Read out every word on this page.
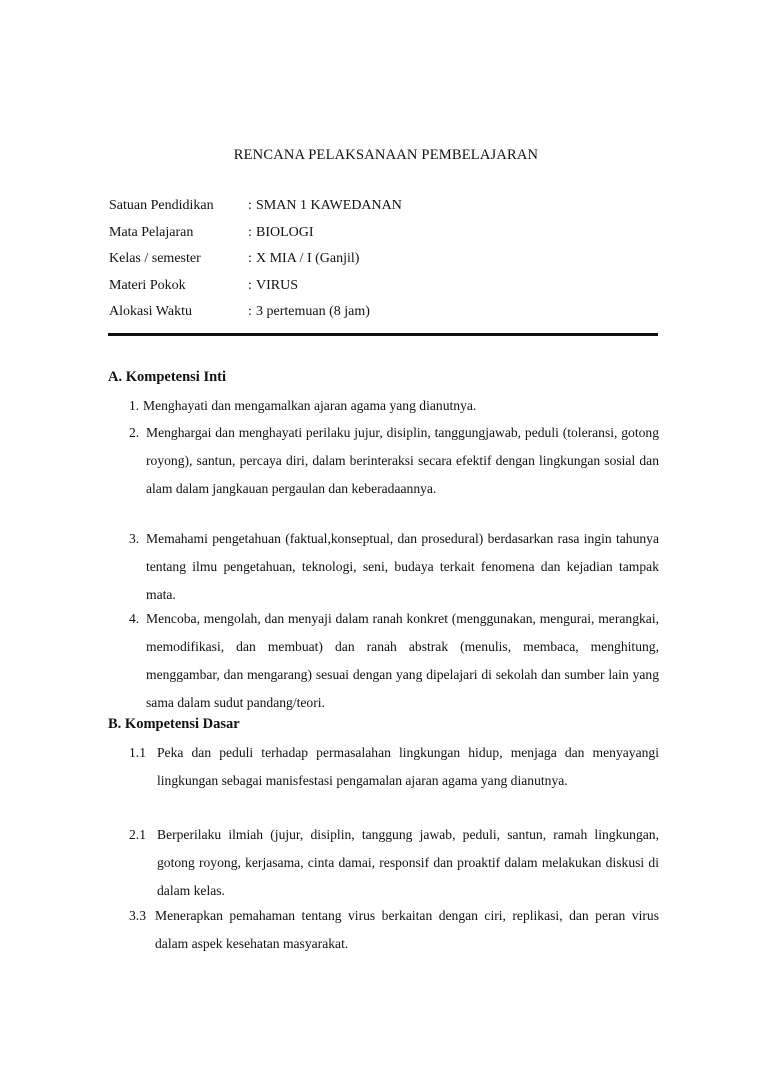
RENCANA PELAKSANAAN PEMBELAJARAN
Satuan Pendidikan	: SMAN 1 KAWEDANAN
Mata Pelajaran	: BIOLOGI
Kelas / semester	: X MIA / I (Ganjil)
Materi Pokok	: VIRUS
Alokasi Waktu	: 3 pertemuan (8 jam)
A. Kompetensi Inti
1. Menghayati dan mengamalkan ajaran agama yang dianutnya.
2. Menghargai dan menghayati perilaku jujur, disiplin, tanggungjawab, peduli (toleransi, gotong royong), santun, percaya diri, dalam berinteraksi secara efektif dengan lingkungan sosial dan alam dalam jangkauan pergaulan dan keberadaannya.
3. Memahami pengetahuan (faktual,konseptual, dan prosedural) berdasarkan rasa ingin tahunya tentang ilmu pengetahuan, teknologi, seni, budaya terkait fenomena dan kejadian tampak mata.
4. Mencoba, mengolah, dan menyaji dalam ranah konkret (menggunakan, mengurai, merangkai, memodifikasi, dan membuat) dan ranah abstrak (menulis, membaca, menghitung, menggambar, dan mengarang) sesuai dengan yang dipelajari di sekolah dan sumber lain yang sama dalam sudut pandang/teori.
B. Kompetensi Dasar
1.1 Peka dan peduli terhadap permasalahan lingkungan hidup, menjaga dan menyayangi lingkungan sebagai manisfestasi pengamalan ajaran agama yang dianutnya.
2.1 Berperilaku ilmiah (jujur, disiplin, tanggung jawab, peduli, santun, ramah lingkungan, gotong royong, kerjasama, cinta damai, responsif dan proaktif dalam melakukan diskusi di dalam kelas.
3.3 Menerapkan pemahaman tentang virus berkaitan dengan ciri, replikasi, dan peran virus dalam aspek kesehatan masyarakat.
